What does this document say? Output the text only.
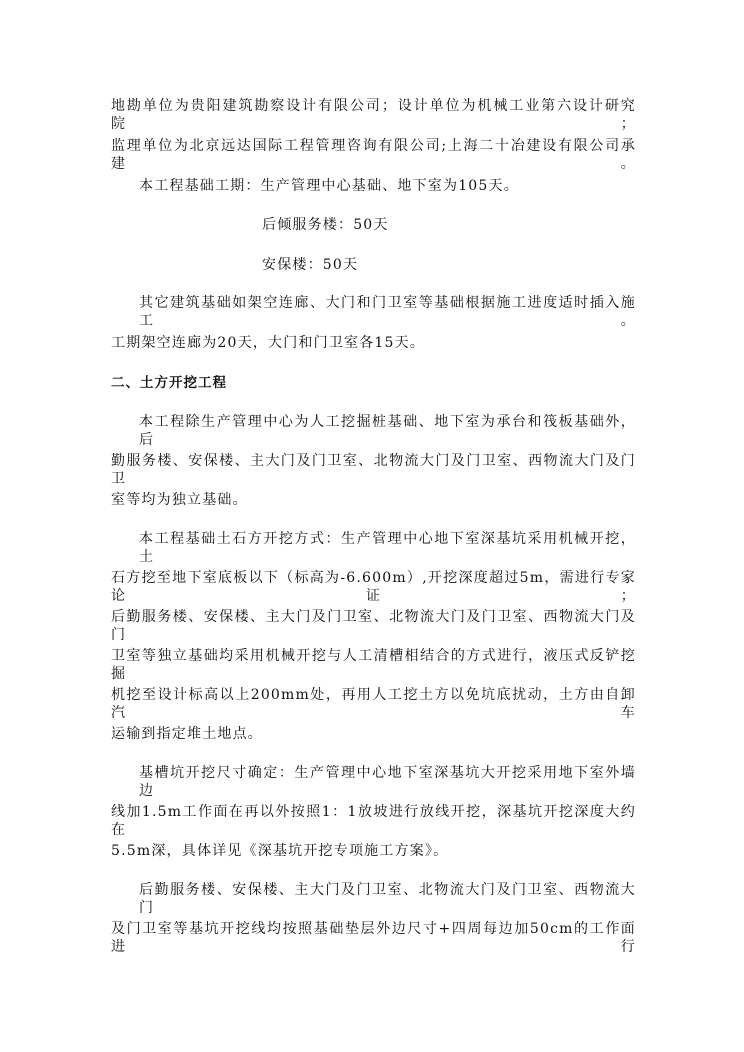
地勘单位为贵阳建筑勘察设计有限公司；设计单位为机械工业第六设计研究院；
监理单位为北京远达国际工程管理咨询有限公司;上海二十冶建设有限公司承建。
本工程基础工期：生产管理中心基础、地下室为105天。
后倾服务楼：50天
安保楼：50天
其它建筑基础如架空连廊、大门和门卫室等基础根据施工进度适时插入施工。
工期架空连廊为20天，大门和门卫室各15天。
二、土方开挖工程
本工程除生产管理中心为人工挖掘桩基础、地下室为承台和筏板基础外，后
勤服务楼、安保楼、主大门及门卫室、北物流大门及门卫室、西物流大门及门卫
室等均为独立基础。
本工程基础土石方开挖方式：生产管理中心地下室深基坑采用机械开挖，土
石方挖至地下室底板以下（标高为-6.600m）,开挖深度超过5m，需进行专家论证；
后勤服务楼、安保楼、主大门及门卫室、北物流大门及门卫室、西物流大门及门
卫室等独立基础均采用机械开挖与人工清槽相结合的方式进行，液压式反铲挖掘
机挖至设计标高以上200mm处，再用人工挖土方以免坑底扰动，土方由自卸汽车
运输到指定堆土地点。
基槽坑开挖尺寸确定：生产管理中心地下室深基坑大开挖采用地下室外墙边
线加1.5m工作面在再以外按照1：1放坡进行放线开挖，深基坑开挖深度大约在
5.5m深，具体详见《深基坑开挖专项施工方案》。
后勤服务楼、安保楼、主大门及门卫室、北物流大门及门卫室、西物流大门
及门卫室等基坑开挖线均按照基础垫层外边尺寸+四周每边加50cm的工作面进行
